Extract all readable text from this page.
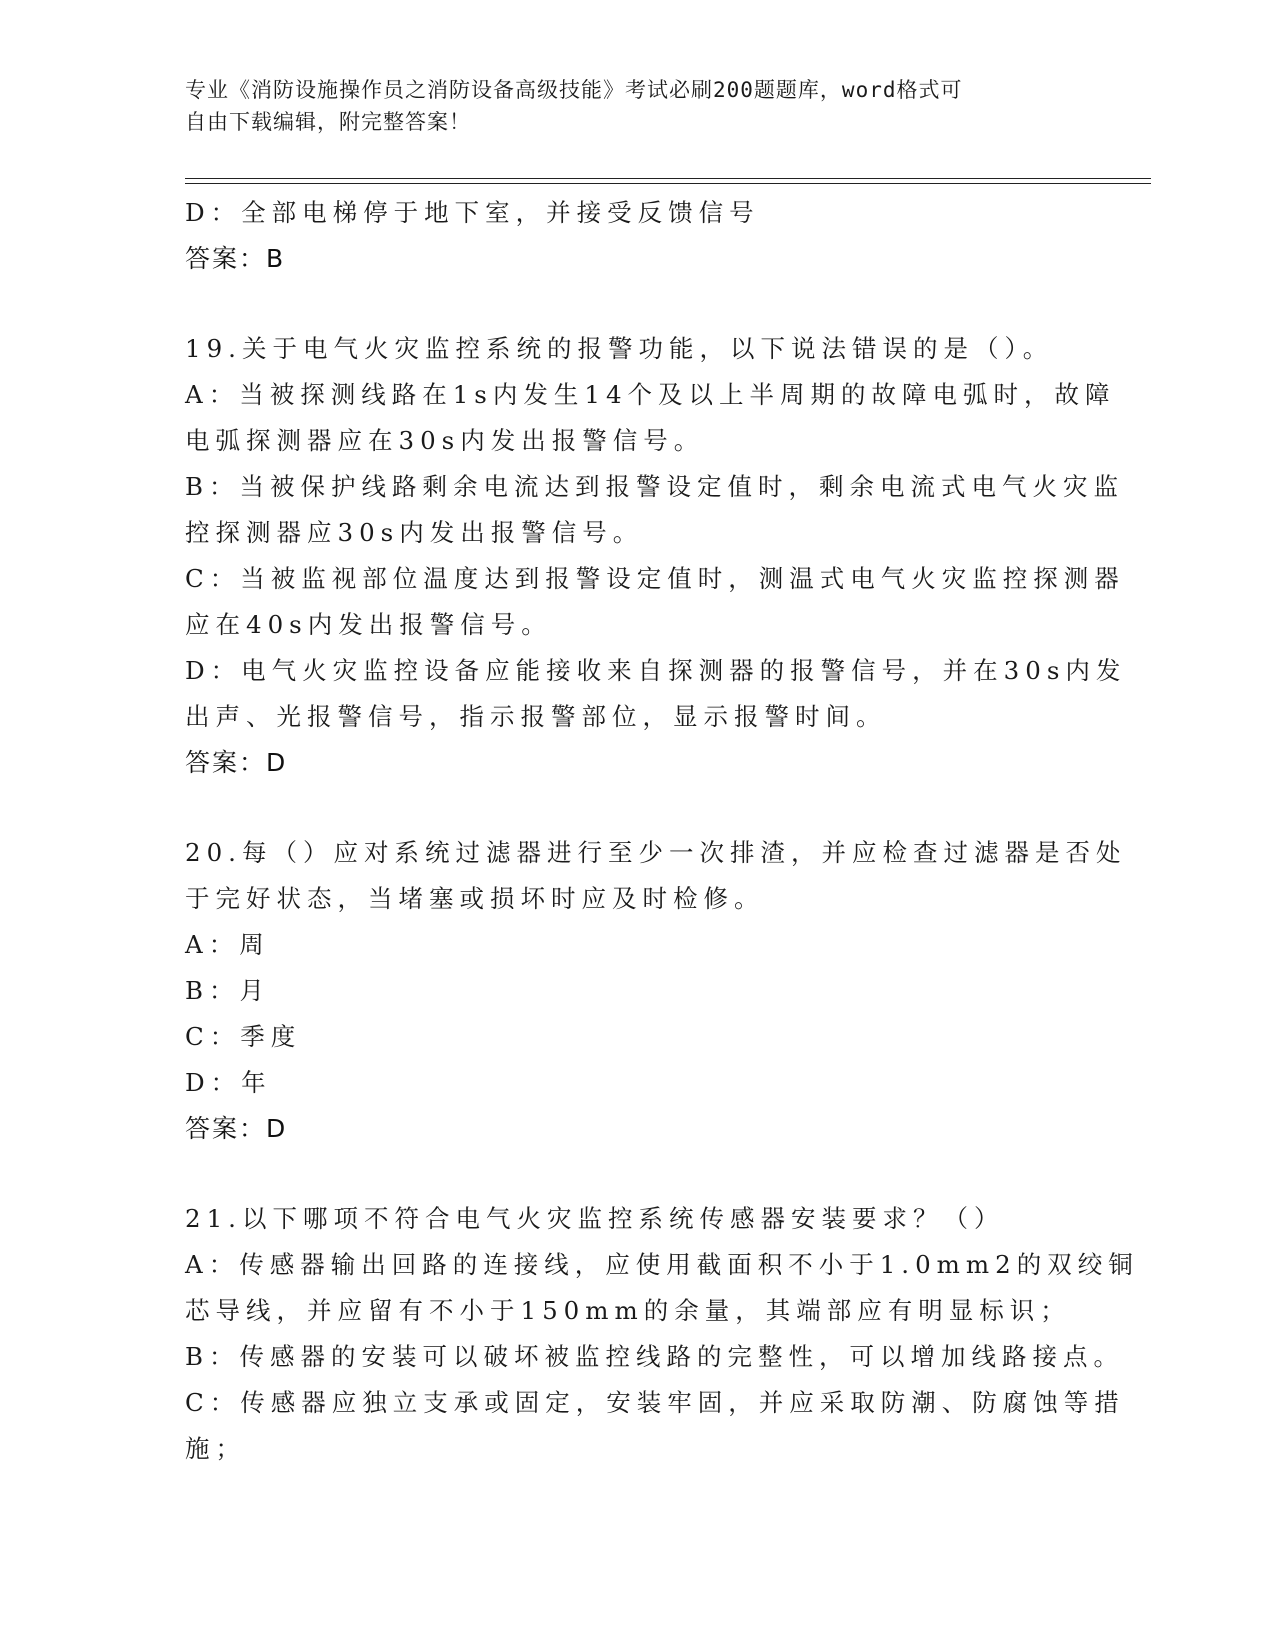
专业《消防设施操作员之消防设备高级技能》考试必刷200题题库，word格式可
自由下载编辑，附完整答案！
D：全部电梯停于地下室，并接受反馈信号
答案：B
19.关于电气火灾监控系统的报警功能，以下说法错误的是（）。
A：当被探测线路在1s内发生14个及以上半周期的故障电弧时，故障
电弧探测器应在30s内发出报警信号。
B：当被保护线路剩余电流达到报警设定值时，剩余电流式电气火灾监
控探测器应30s内发出报警信号。
C：当被监视部位温度达到报警设定值时，测温式电气火灾监控探测器
应在40s内发出报警信号。
D：电气火灾监控设备应能接收来自探测器的报警信号，并在30s内发
出声、光报警信号，指示报警部位，显示报警时间。
答案：D
20.每（）应对系统过滤器进行至少一次排渣，并应检查过滤器是否处
于完好状态，当堵塞或损坏时应及时检修。
A：周
B：月
C：季度
D：年
答案：D
21.以下哪项不符合电气火灾监控系统传感器安装要求？（）
A：传感器输出回路的连接线，应使用截面积不小于1.0mm2的双绞铜
芯导线，并应留有不小于150mm的余量，其端部应有明显标识；
B：传感器的安装可以破坏被监控线路的完整性，可以增加线路接点。
C：传感器应独立支承或固定，安装牢固，并应采取防潮、防腐蚀等措
施；
